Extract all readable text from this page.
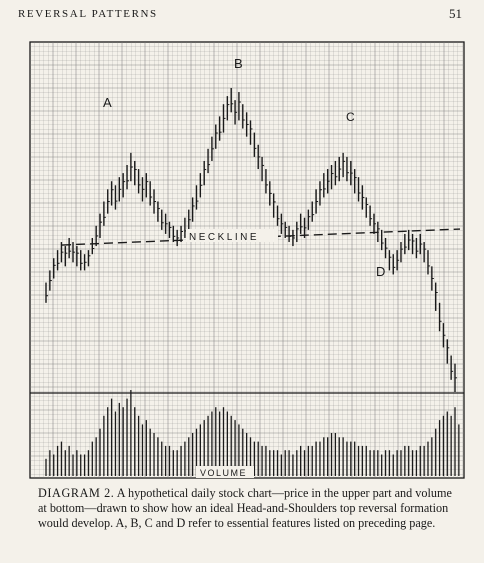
REVERSAL PATTERNS	51
A
B
C
D
NECKLINE
VOLUME
DIAGRAM 2. A hypothetical daily stock chart—price in the upper part and volume at bottom—drawn to show how an ideal Head-and-Shoulders top reversal formation would develop. A, B, C and D refer to essential features listed on preceding page.
